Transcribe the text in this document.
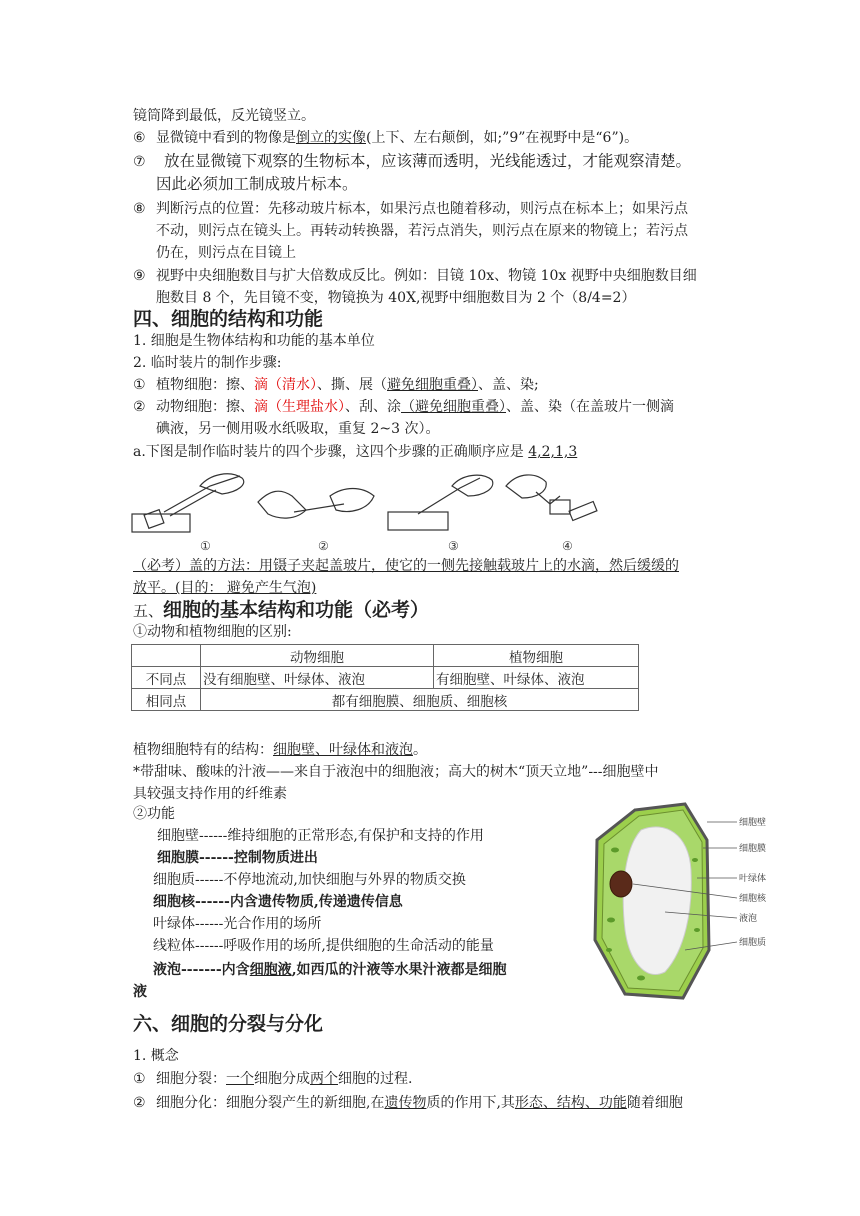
镜筒降到最低，反光镜竖立。
⑥ 显微镜中看到的物像是倒立的实像(上下、左右颠倒，如;”9”在视野中是“6”)。
⑦ 放在显微镜下观察的生物标本，应该薄而透明，光线能透过，才能观察清楚。
因此必须加工制成玻片标本。
⑧ 判断污点的位置：先移动玻片标本，如果污点也随着移动，则污点在标本上；如果污点
不动，则污点在镜头上。再转动转换器，若污点消失，则污点在原来的物镜上；若污点
仍在，则污点在目镜上
⑨ 视野中央细胞数目与扩大倍数成反比。例如：目镜 10x、物镜 10x 视野中央细胞数目细
胞数目 8 个，先目镜不变，物镜换为 40X,视野中细胞数目为 2 个（8/4=2）
四、细胞的结构和功能
1. 细胞是生物体结构和功能的基本单位
2. 临时装片的制作步骤:
① 植物细胞：擦、滴（清水）、撕、展（避免细胞重叠）、盖、染;
② 动物细胞：擦、滴（生理盐水）、刮、涂（避免细胞重叠）、盖、染（在盖玻片一侧滴
碘液，另一侧用吸水纸吸取，重复 2~3 次）。
a.下图是制作临时装片的四个步骤，这四个步骤的正确顺序应是 4,2,1,3
①	②	③	④
（必考）盖的方法：用镊子夹起盖玻片，使它的一侧先接触载玻片上的水滴，然后缓缓的
放平。(目的： 避免产生气泡)
五、细胞的基本结构和功能（必考）
①动物和植物细胞的区别:
	动物细胞	植物细胞
不同点	没有细胞壁、叶绿体、液泡	有细胞壁、叶绿体、液泡
相同点	都有细胞膜、细胞质、细胞核	
植物细胞特有的结构：细胞壁、叶绿体和液泡。
*带甜味、酸味的汁液——来自于液泡中的细胞液；高大的树木“顶天立地”---细胞壁中
具较强支持作用的纤维素
②功能
细胞壁------维持细胞的正常形态,有保护和支持的作用
细胞膜------控制物质进出
细胞质------不停地流动,加快细胞与外界的物质交换
细胞核------内含遗传物质,传递遗传信息
叶绿体------光合作用的场所
线粒体------呼吸作用的场所,提供细胞的生命活动的能量
液泡-------内含细胞液,如西瓜的汁液等水果汁液都是细胞
液
细胞壁
细胞膜
叶绿体
细胞核
液泡
细胞质
六、细胞的分裂与分化
1. 概念
① 细胞分裂：一个细胞分成两个细胞的过程.
② 细胞分化：细胞分裂产生的新细胞,在遗传物质的作用下,其形态、结构、功能随着细胞
